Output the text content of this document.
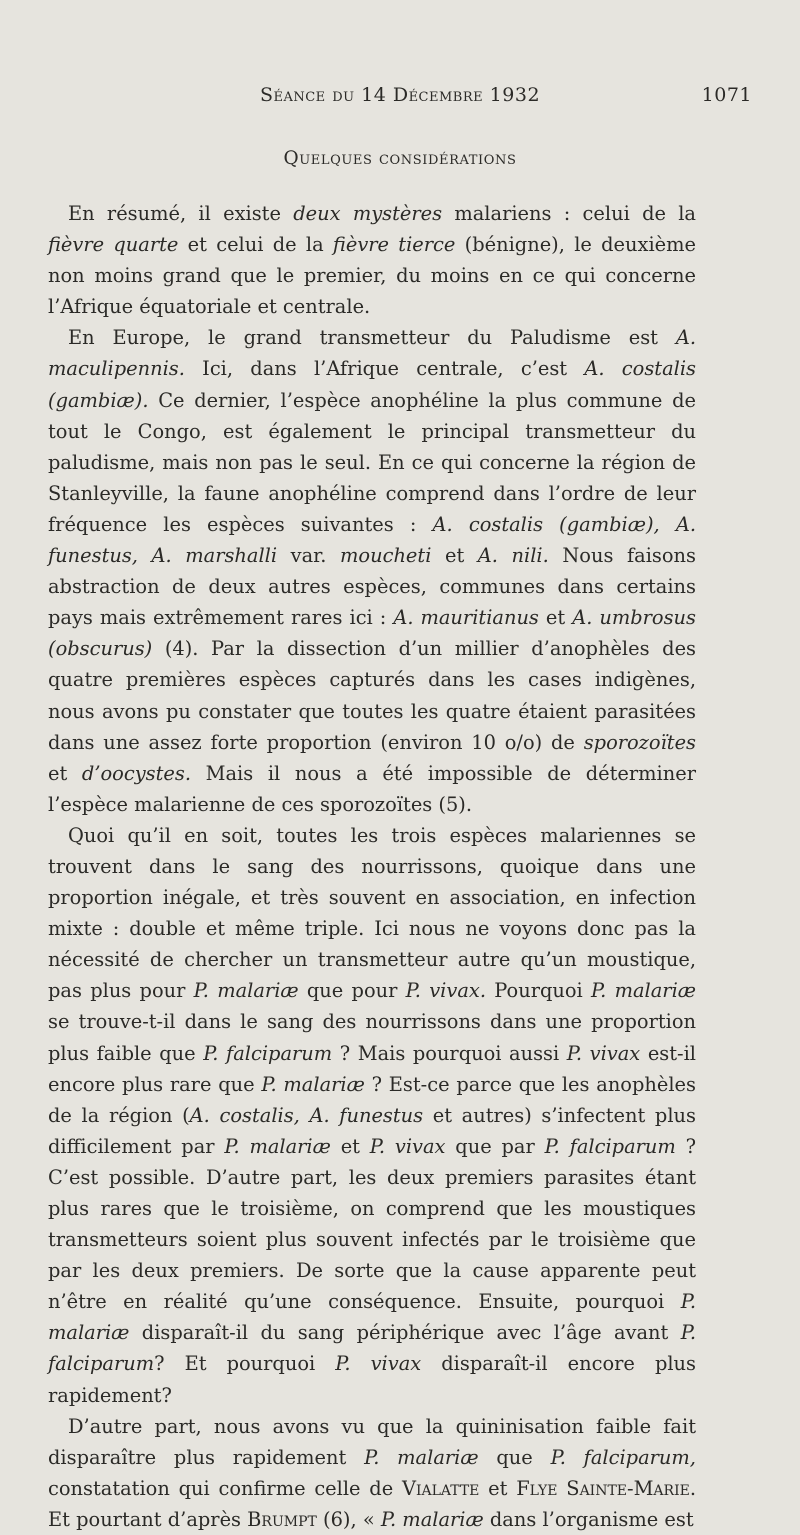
Séance du 14 Décembre 1932	1071
Quelques considérations

En résumé, il existe deux mystères malariens : celui de la fièvre quarte et celui de la fièvre tierce (bénigne), le deuxième non moins grand que le premier, du moins en ce qui concerne l’Afrique équatoriale et centrale.

En Europe, le grand transmetteur du Paludisme est A. maculipennis. Ici, dans l’Afrique centrale, c’est A. costalis (gambiæ). Ce dernier, l’espèce anophéline la plus commune de tout le Congo, est également le principal transmetteur du paludisme, mais non pas le seul. En ce qui concerne la région de Stanleyville, la faune anophéline comprend dans l’ordre de leur fréquence les espèces suivantes : A. costalis (gambiæ), A. funestus, A. marshalli var. moucheti et A. nili. Nous faisons abstraction de deux autres espèces, communes dans certains pays mais extrêmement rares ici : A. mauritianus et A. umbrosus (obscurus) (4). Par la dissection d’un millier d’anophèles des quatre premières espèces capturés dans les cases indigènes, nous avons pu constater que toutes les quatre étaient parasitées dans une assez forte proportion (environ 10 o/o) de sporozoïtes et d’oocystes. Mais il nous a été impossible de déterminer l’espèce malarienne de ces sporozoïtes (5).

Quoi qu’il en soit, toutes les trois espèces malariennes se trouvent dans le sang des nourrissons, quoique dans une proportion inégale, et très souvent en association, en infection mixte : double et même triple. Ici nous ne voyons donc pas la nécessité de chercher un transmetteur autre qu’un moustique, pas plus pour P. malariæ que pour P. vivax. Pourquoi P. malariæ se trouve-t-il dans le sang des nourrissons dans une proportion plus faible que P. falciparum ? Mais pourquoi aussi P. vivax est-il encore plus rare que P. malariæ ? Est-ce parce que les anophèles de la région (A. costalis, A. funestus et autres) s’infectent plus difficilement par P. malariæ et P. vivax que par P. falciparum ? C’est possible. D’autre part, les deux premiers parasites étant plus rares que le troisième, on comprend que les moustiques transmetteurs soient plus souvent infectés par le troisième que par les deux premiers. De sorte que la cause apparente peut n’être en réalité qu’une conséquence. Ensuite, pourquoi P. malariæ disparaît-il du sang périphérique avec l’âge avant P. falciparum? Et pourquoi P. vivax disparaît-il encore plus rapidement?

D’autre part, nous avons vu que la quininisation faible fait disparaître plus rapidement P. malariæ que P. falciparum, constatation qui confirme celle de Vialatte et Flye Sainte-Marie. Et pourtant d’après Brumpt (6), « P. malariæ dans l’organisme est
